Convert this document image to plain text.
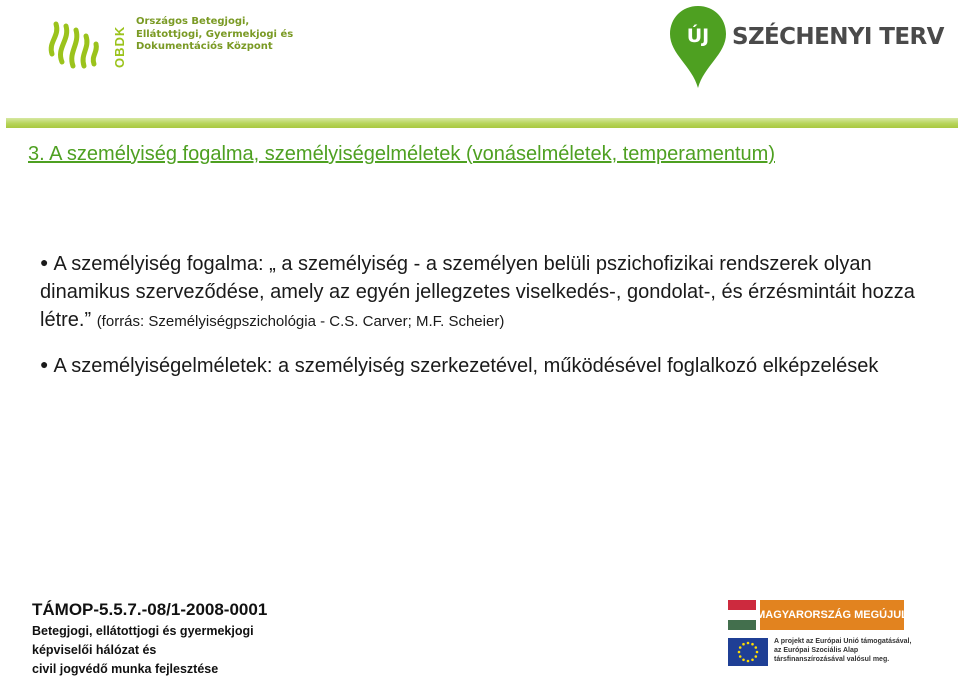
OBDK
Országos Betegjogi,
Ellátottjogi, Gyermekjogi és
Dokumentációs Központ	ÚJ SZÉCHENYI TERV
3. A személyiség fogalma, személyiségelméletek (vonáselméletek, temperamentum)

● A személyiség fogalma: „ a személyiség - a személyen belüli pszichofizikai rendszerek olyan dinamikus szerveződése, amely az egyén jellegzetes viselkedés-, gondolat-, és érzésmintáit hozza létre.” (forrás: Személyiségpszichológia - C.S. Carver; M.F. Scheier)

● A személyiségelméletek: a személyiség szerkezetével, működésével foglalkozó elképzelések

TÁMOP-5.5.7.-08/1-2008-0001
Betegjogi, ellátottjogi és gyermekjogi
képviselői hálózat és
civil jogvédő munka fejlesztése
MAGYARORSZÁG MEGÚJUL
A projekt az Európai Unió támogatásával,
az Európai Szociális Alap
társfinanszírozásával valósul meg.
